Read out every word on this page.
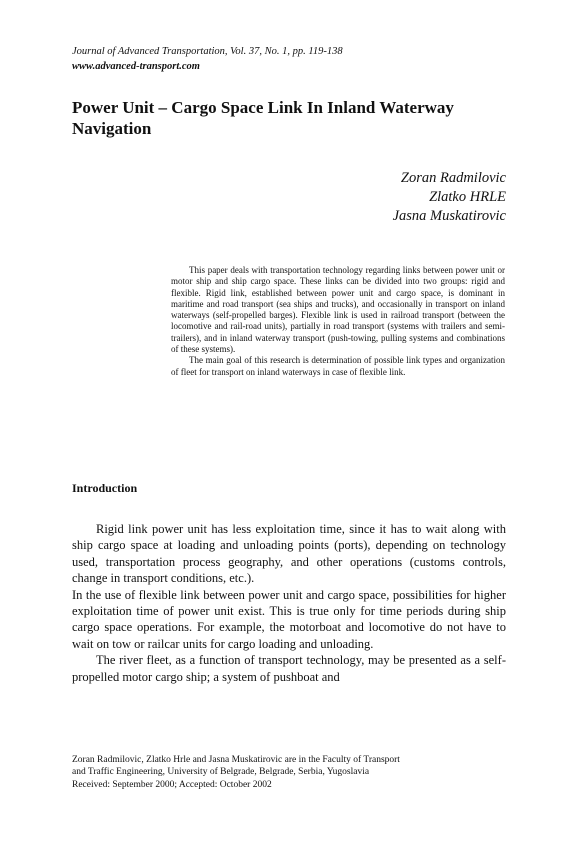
Journal of Advanced Transportation, Vol. 37, No. 1, pp. 119-138
www.advanced-transport.com
Power Unit – Cargo Space Link In Inland Waterway Navigation
Zoran Radmilovic
Zlatko HRLE
Jasna Muskatirovic

This paper deals with transportation technology regarding links between power unit or motor ship and ship cargo space. These links can be divided into two groups: rigid and flexible. Rigid link, established between power unit and cargo space, is dominant in maritime and road transport (sea ships and trucks), and occasionally in transport on inland waterways (self-propelled barges). Flexible link is used in railroad transport (between the locomotive and rail-road units), partially in road transport (systems with trailers and semi-trailers), and in inland waterway transport (push-towing, pulling systems and combinations of these systems).

The main goal of this research is determination of possible link types and organization of fleet for transport on inland waterways in case of flexible link.

Introduction

Rigid link power unit has less exploitation time, since it has to wait along with ship cargo space at loading and unloading points (ports), depending on technology used, transportation process geography, and other operations (customs controls, change in transport conditions, etc.).

In the use of flexible link between power unit and cargo space, possibilities for higher exploitation time of power unit exist. This is true only for time periods during ship cargo space operations. For example, the motorboat and locomotive do not have to wait on tow or railcar units for cargo loading and unloading.

The river fleet, as a function of transport technology, may be presented as a self-propelled motor cargo ship; a system of pushboat and

Zoran Radmilovic, Zlatko Hrle and Jasna Muskatirovic are in the Faculty of Transport
and Traffic Engineering, University of Belgrade, Belgrade, Serbia, Yugoslavia
Received: September 2000; Accepted: October 2002
